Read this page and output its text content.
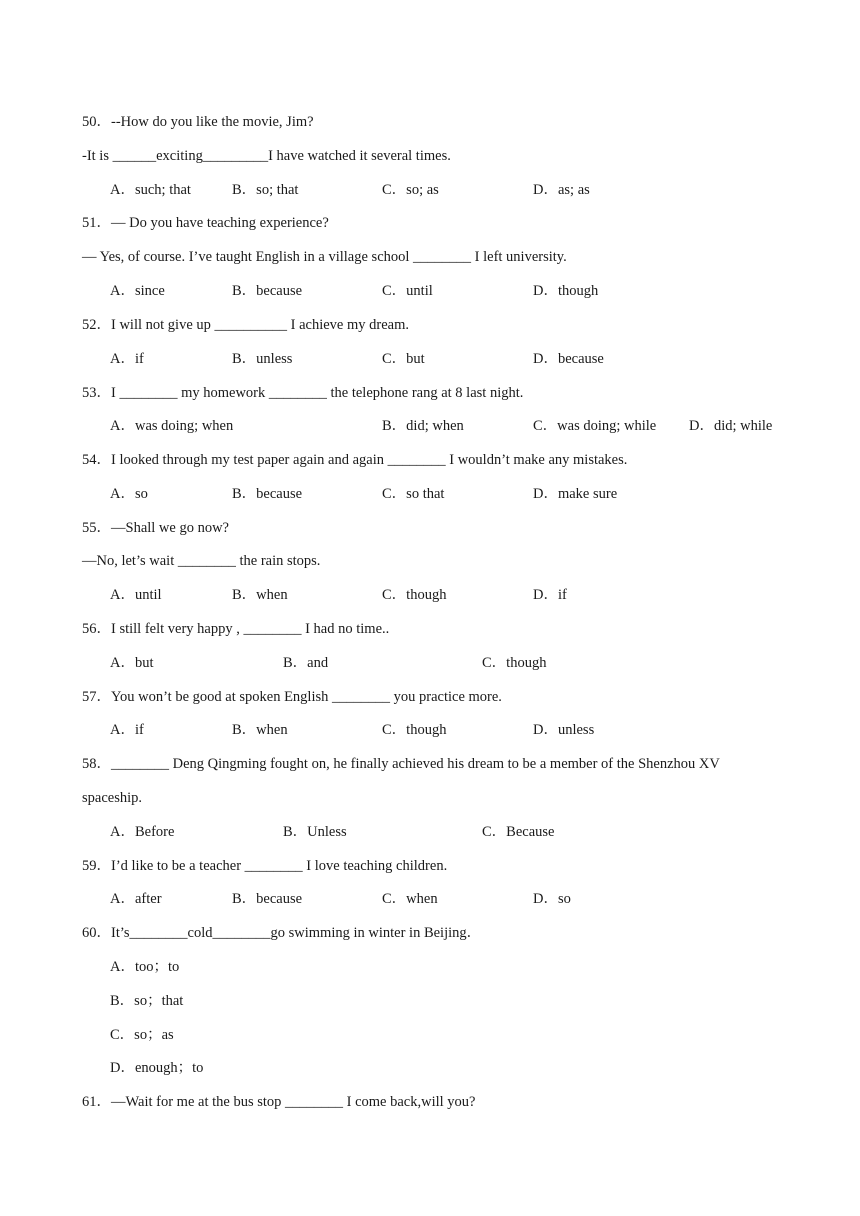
50．--How do you like the movie, Jim?
-It is ______exciting_________I have watched it several times.
A．such; that	B．so; that	C．so; as	D．as; as
51．— Do you have teaching experience?
— Yes, of course. I’ve taught English in a village school ________ I left university.
A．since	B．because	C．until	D．though
52．I will not give up __________ I achieve my dream.
A．if	B．unless	C．but	D．because
53．I ________ my homework ________ the telephone rang at 8 last night.
A．was doing; when	B．did; when	C．was doing; while D．did; while
54．I looked through my test paper again and again ________ I wouldn’t make any mistakes.
A．so	B．because	C．so that	D．make sure
55．—Shall we go now?
—No, let’s wait ________ the rain stops.
A．until	B．when	C．though	D．if
56．I still felt very happy , ________ I had no time..
A．but	B．and	C．though
57．You won’t be good at spoken English ________ you practice more.
A．if	B．when	C．though	D．unless
58．________ Deng Qingming fought on, he finally achieved his dream to be a member of the Shenzhou XV
spaceship.
A．Before	B．Unless	C．Because
59．I’d like to be a teacher ________ I love teaching children.
A．after	B．because	C．when	D．so
60．It’s________cold________go swimming in winter in Beijing．
A．too；to
B．so；that
C．so；as
D．enough；to
61．—Wait for me at the bus stop ________ I come back,will you?
